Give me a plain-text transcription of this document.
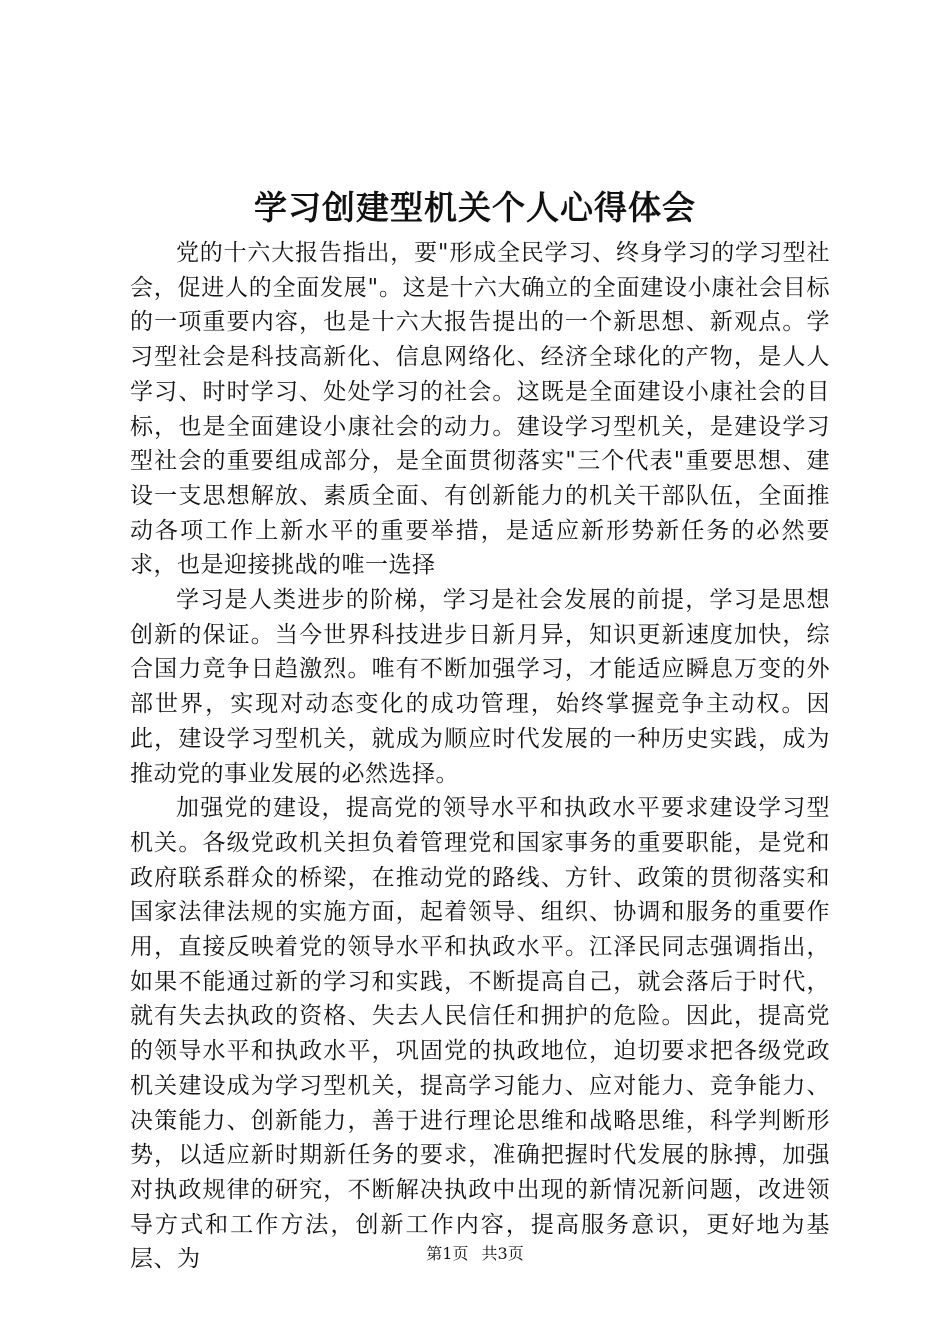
学习创建型机关个人心得体会

党的十六大报告指出，要"形成全民学习、终身学习的学习型社会，促进人的全面发展"。这是十六大确立的全面建设小康社会目标的一项重要内容，也是十六大报告提出的一个新思想、新观点。学习型社会是科技高新化、信息网络化、经济全球化的产物，是人人学习、时时学习、处处学习的社会。这既是全面建设小康社会的目标，也是全面建设小康社会的动力。建设学习型机关，是建设学习型社会的重要组成部分，是全面贯彻落实"三个代表"重要思想、建设一支思想解放、素质全面、有创新能力的机关干部队伍，全面推动各项工作上新水平的重要举措，是适应新形势新任务的必然要求，也是迎接挑战的唯一选择

学习是人类进步的阶梯，学习是社会发展的前提，学习是思想创新的保证。当今世界科技进步日新月异，知识更新速度加快，综合国力竞争日趋激烈。唯有不断加强学习，才能适应瞬息万变的外部世界，实现对动态变化的成功管理，始终掌握竞争主动权。因此，建设学习型机关，就成为顺应时代发展的一种历史实践，成为推动党的事业发展的必然选择。

加强党的建设，提高党的领导水平和执政水平要求建设学习型机关。各级党政机关担负着管理党和国家事务的重要职能，是党和政府联系群众的桥梁，在推动党的路线、方针、政策的贯彻落实和国家法律法规的实施方面，起着领导、组织、协调和服务的重要作用，直接反映着党的领导水平和执政水平。江泽民同志强调指出，如果不能通过新的学习和实践，不断提高自己，就会落后于时代，就有失去执政的资格、失去人民信任和拥护的危险。因此，提高党的领导水平和执政水平，巩固党的执政地位，迫切要求把各级党政机关建设成为学习型机关，提高学习能力、应对能力、竞争能力、决策能力、创新能力，善于进行理论思维和战略思维，科学判断形势，以适应新时期新任务的要求，准确把握时代发展的脉搏，加强对执政规律的研究，不断解决执政中出现的新情况新问题，改进领导方式和工作方法，创新工作内容，提高服务意识，更好地为基层、为	第1页 共3页
